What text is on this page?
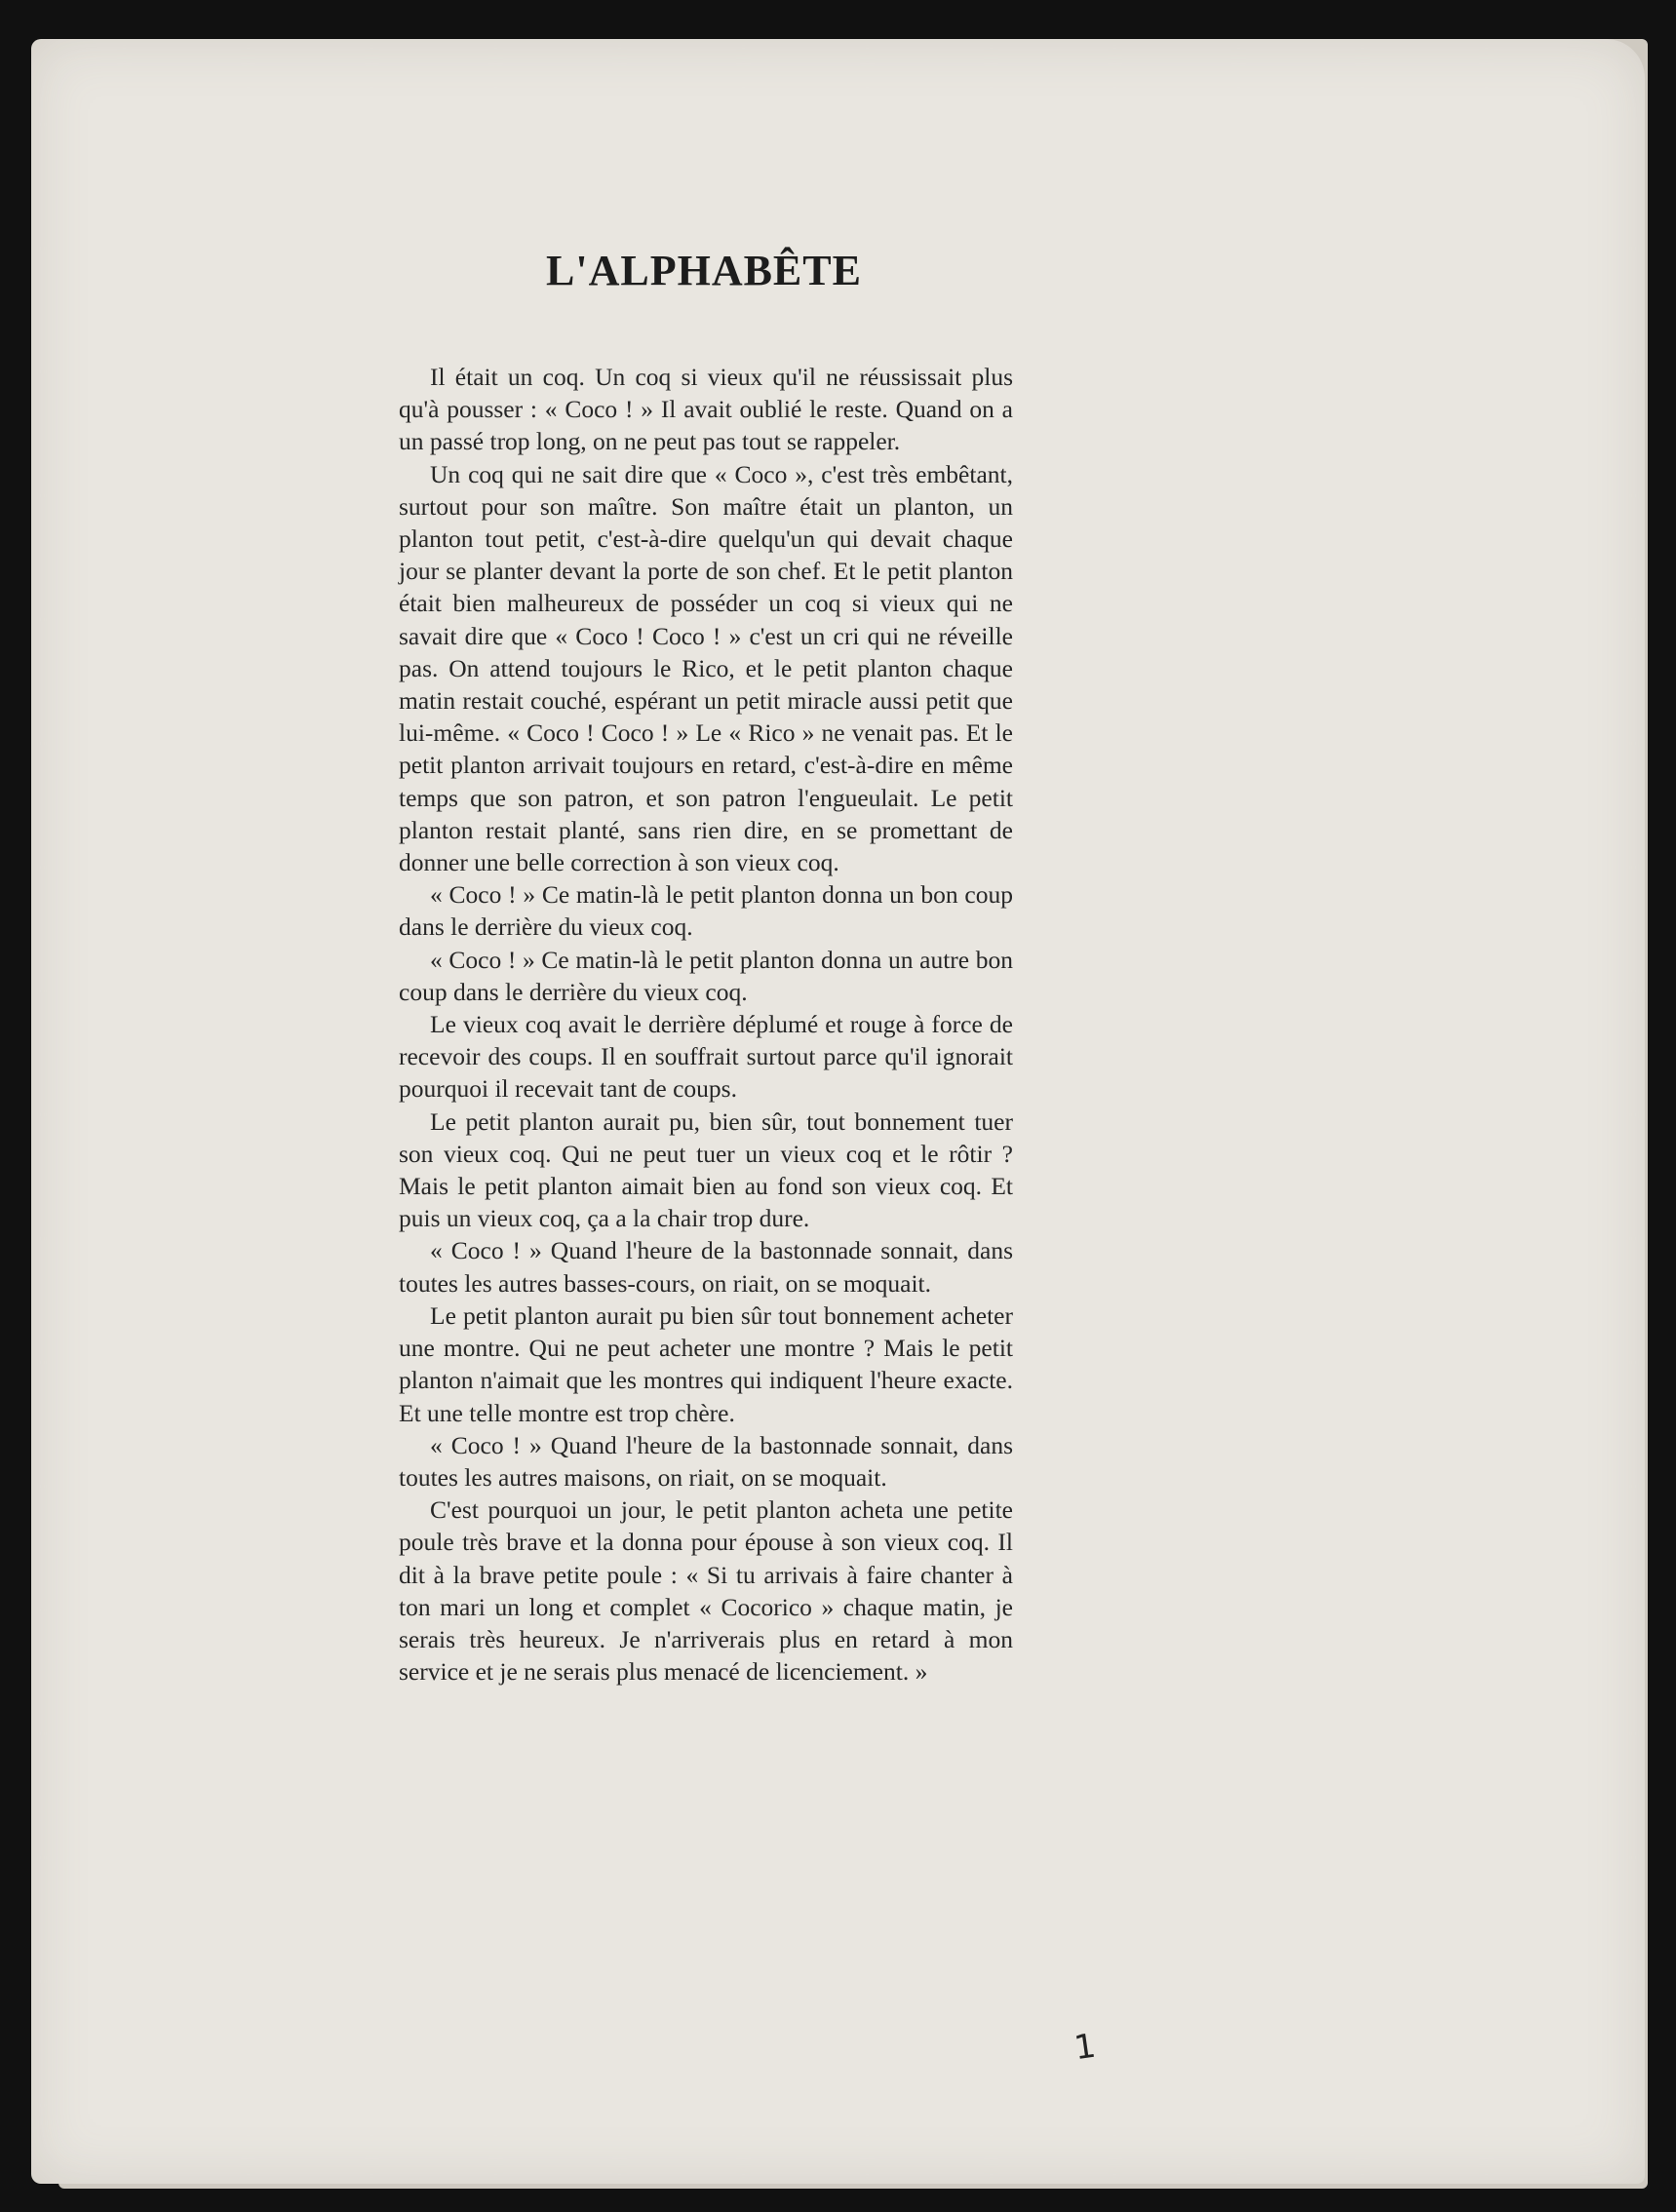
L'ALPHABÊTE

Il était un coq. Un coq si vieux qu'il ne réussissait plus qu'à pousser : « Coco ! » Il avait oublié le reste. Quand on a un passé trop long, on ne peut pas tout se rappeler.

Un coq qui ne sait dire que « Coco », c'est très embêtant, surtout pour son maître. Son maître était un planton, un planton tout petit, c'est-à-dire quelqu'un qui devait chaque jour se planter devant la porte de son chef. Et le petit planton était bien malheureux de posséder un coq si vieux qui ne savait dire que « Coco ! Coco ! » c'est un cri qui ne réveille pas. On attend toujours le Rico, et le petit planton chaque matin restait couché, espérant un petit miracle aussi petit que lui-même. « Coco ! Coco ! » Le « Rico » ne venait pas. Et le petit planton arrivait toujours en retard, c'est-à-dire en même temps que son patron, et son patron l'engueulait. Le petit planton restait planté, sans rien dire, en se promettant de donner une belle correction à son vieux coq.

« Coco ! » Ce matin-là le petit planton donna un bon coup dans le derrière du vieux coq.

« Coco ! » Ce matin-là le petit planton donna un autre bon coup dans le derrière du vieux coq.

Le vieux coq avait le derrière déplumé et rouge à force de recevoir des coups. Il en souffrait surtout parce qu'il ignorait pourquoi il recevait tant de coups.

Le petit planton aurait pu, bien sûr, tout bonnement tuer son vieux coq. Qui ne peut tuer un vieux coq et le rôtir ? Mais le petit planton aimait bien au fond son vieux coq. Et puis un vieux coq, ça a la chair trop dure.

« Coco ! » Quand l'heure de la bastonnade sonnait, dans toutes les autres basses-cours, on riait, on se moquait.

Le petit planton aurait pu bien sûr tout bonnement acheter une montre. Qui ne peut acheter une montre ? Mais le petit planton n'aimait que les montres qui indiquent l'heure exacte. Et une telle montre est trop chère.

« Coco ! » Quand l'heure de la bastonnade sonnait, dans toutes les autres maisons, on riait, on se moquait.

C'est pourquoi un jour, le petit planton acheta une petite poule très brave et la donna pour épouse à son vieux coq. Il dit à la brave petite poule : « Si tu arrivais à faire chanter à ton mari un long et complet « Cocorico » chaque matin, je serais très heureux. Je n'arriverais plus en retard à mon service et je ne serais plus menacé de licenciement. »

1
